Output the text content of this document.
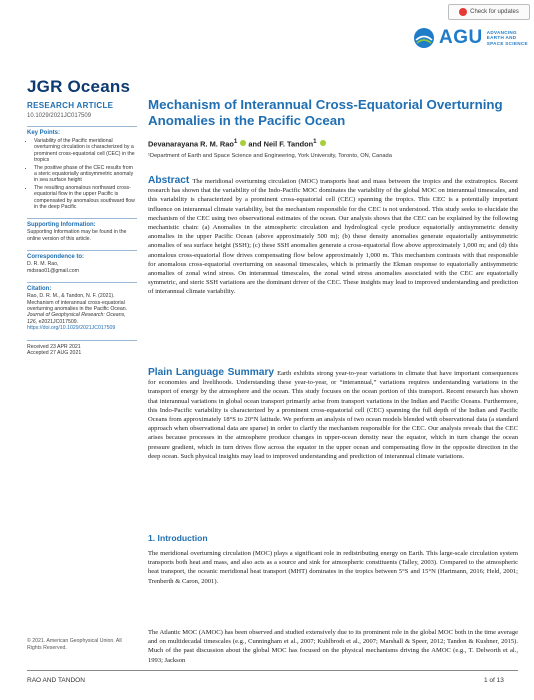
Check for updates
AGU ADVANCING
EARTH AND
SPACE SCIENCE
JGR Oceans
RESEARCH ARTICLE
10.1029/2021JC017509
Key Points:
• Variability of the Pacific meridional overturning circulation is characterized by a prominent cross-equatorial cell (CEC) in the tropics
• The positive phase of the CEC results from a steric equatorially antisymmetric anomaly in sea surface height
• The resulting anomalous northward cross-equatorial flow in the upper Pacific is compensated by anomalous southward flow in the deep Pacific
Supporting Information:
Supporting Information may be found in the online version of this article.
Correspondence to:
D. R. M. Rao,
mdsrao01@gmail.com
Citation:
Rao, D. R. M., & Tandon, N. F. (2021). Mechanism of interannual cross-equatorial overturning anomalies in the Pacific Ocean. Journal of Geophysical Research: Oceans, 126, e2021JC017509. https://doi.org/10.1029/2021JC017509
Received 23 APR 2021
Accepted 27 AUG 2021
© 2021. American Geophysical Union. All Rights Reserved.
Mechanism of Interannual Cross-Equatorial Overturning Anomalies in the Pacific Ocean
Devanarayana R. M. Rao$^1$ and Neil F. Tandon$^1$
¹Department of Earth and Space Science and Engineering, York University, Toronto, ON, Canada
Abstract The meridional overturning circulation (MOC) transports heat and mass between the tropics and the extratropics. Recent research has shown that the variability of the Indo-Pacific MOC dominates the variability of the global MOC on interannual timescales, and this variability is characterized by a prominent cross-equatorial cell (CEC) spanning the tropics. This CEC is a potentially important influence on interannual climate variability, but the mechanism responsible for the CEC is not understood. This study seeks to elucidate the mechanism of the CEC using two observational estimates of the ocean. Our analysis shows that the CEC can be explained by the following mechanistic chain: (a) Anomalies in the atmospheric circulation and hydrological cycle produce equatorially antisymmetric density anomalies in the upper Pacific Ocean (above approximately 500 m); (b) these density anomalies generate equatorially antisymmetric anomalies of sea surface height (SSH); (c) these SSH anomalies generate a cross-equatorial flow above approximately 1,000 m; and (d) this anomalous cross-equatorial flow drives compensating flow below approximately 1,000 m. This mechanism contrasts with that responsible for anomalous cross-equatorial overturning on seasonal timescales, which is primarily the Ekman response to equatorially antisymmetric anomalies of zonal wind stress. On interannual timescales, the zonal wind stress anomalies associated with the CEC are equatorially symmetric, and steric SSH variations are the dominant driver of the CEC. These insights may lead to improved understanding and prediction of interannual climate variability.
Plain Language Summary Earth exhibits strong year-to-year variations in climate that have important consequences for economies and livelihoods. Understanding these year-to-year, or “interannual,” variations requires understanding variations in the transport of energy by the atmosphere and the ocean. This study focuses on the ocean portion of this transport. Recent research has shown that interannual variations in global ocean transport primarily arise from transport variations in the Indian and Pacific Oceans. Furthermore, this Indo-Pacific variability is characterized by a prominent cross-equatorial cell (CEC) spanning the full depth of the Indian and Pacific Oceans from approximately 18°S to 20°N latitude. We perform an analysis of two ocean models blended with observational data (a standard approach when observational data are sparse) in order to clarify the mechanism responsible for the CEC. Our analysis reveals that the CEC arises because processes in the atmosphere produce changes in upper-ocean density near the equator, which in turn change the ocean pressure gradient, which in turn drives flow across the equator in the upper ocean and compensating flow in the opposite direction in the deep ocean. Such physical insights may lead to improved understanding and prediction of interannual climate variations.
1. Introduction
The meridional overturning circulation (MOC) plays a significant role in redistributing energy on Earth. This large-scale circulation system transports both heat and mass, and also acts as a source and sink for atmospheric constituents (Talley, 2003). Compared to the atmospheric heat transport, the oceanic meridional heat transport (MHT) dominates in the tropics between 5°S and 15°N (Hartmann, 2016; Held, 2001; Trenberth & Caron, 2001).
The Atlantic MOC (AMOC) has been observed and studied extensively due to its prominent role in the global MOC both in the time average and on multidecadal timescales (e.g., Cunningham et al., 2007; Kuhlbrodt et al., 2007; Marshall & Speer, 2012; Tandon & Kushner, 2015). Much of the past discussion about the global MOC has focused on the physical mechanisms driving the AMOC (e.g., T. Delworth et al., 1993; Jackson
RAO AND TANDON	1 of 13
